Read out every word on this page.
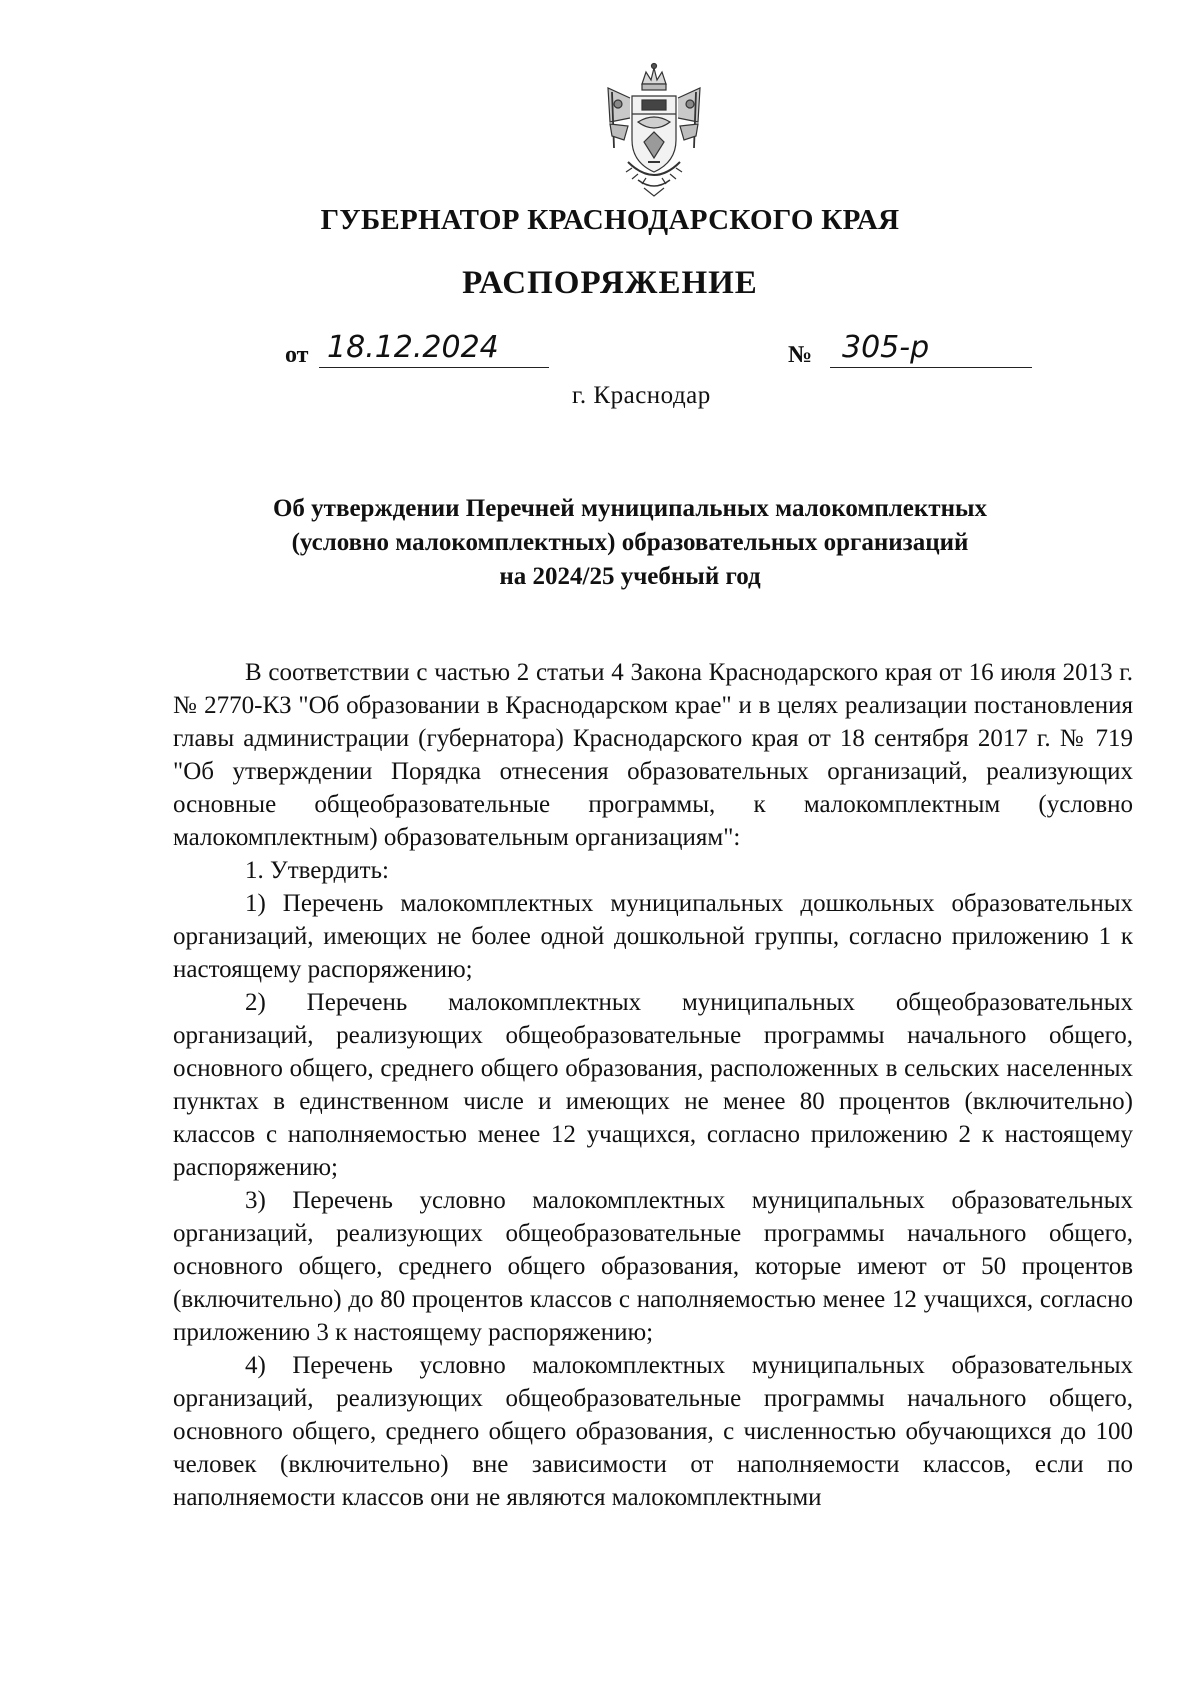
ГУБЕРНАТОР КРАСНОДАРСКОГО КРАЯ
РАСПОРЯЖЕНИЕ
от 18.12.2024	№ 305-р

г. Краснодар

Об утверждении Перечней муниципальных малокомплектных
(условно малокомплектных) образовательных организаций
на 2024/25 учебный год

В соответствии с частью 2 статьи 4 Закона Краснодарского края от 16 июля 2013 г. № 2770-КЗ "Об образовании в Краснодарском крае" и в целях реализации постановления главы администрации (губернатора) Краснодарского края от 18 сентября 2017 г. № 719 "Об утверждении Порядка отнесения образовательных организаций, реализующих основные общеобразовательные программы, к малокомплектным (условно малокомплектным) образовательным организациям":

1. Утвердить:

1) Перечень малокомплектных муниципальных дошкольных образовательных организаций, имеющих не более одной дошкольной группы, согласно приложению 1 к настоящему распоряжению;

2) Перечень малокомплектных муниципальных общеобразовательных организаций, реализующих общеобразовательные программы начального общего, основного общего, среднего общего образования, расположенных в сельских населенных пунктах в единственном числе и имеющих не менее 80 процентов (включительно) классов с наполняемостью менее 12 учащихся, согласно приложению 2 к настоящему распоряжению;

3) Перечень условно малокомплектных муниципальных образовательных организаций, реализующих общеобразовательные программы начального общего, основного общего, среднего общего образования, которые имеют от 50 процентов (включительно) до 80 процентов классов с наполняемостью менее 12 учащихся, согласно приложению 3 к настоящему распоряжению;

4) Перечень условно малокомплектных муниципальных образовательных организаций, реализующих общеобразовательные программы начального общего, основного общего, среднего общего образования, с численностью обучающихся до 100 человек (включительно) вне зависимости от наполняемости классов, если по наполняемости классов они не являются малокомплектными
